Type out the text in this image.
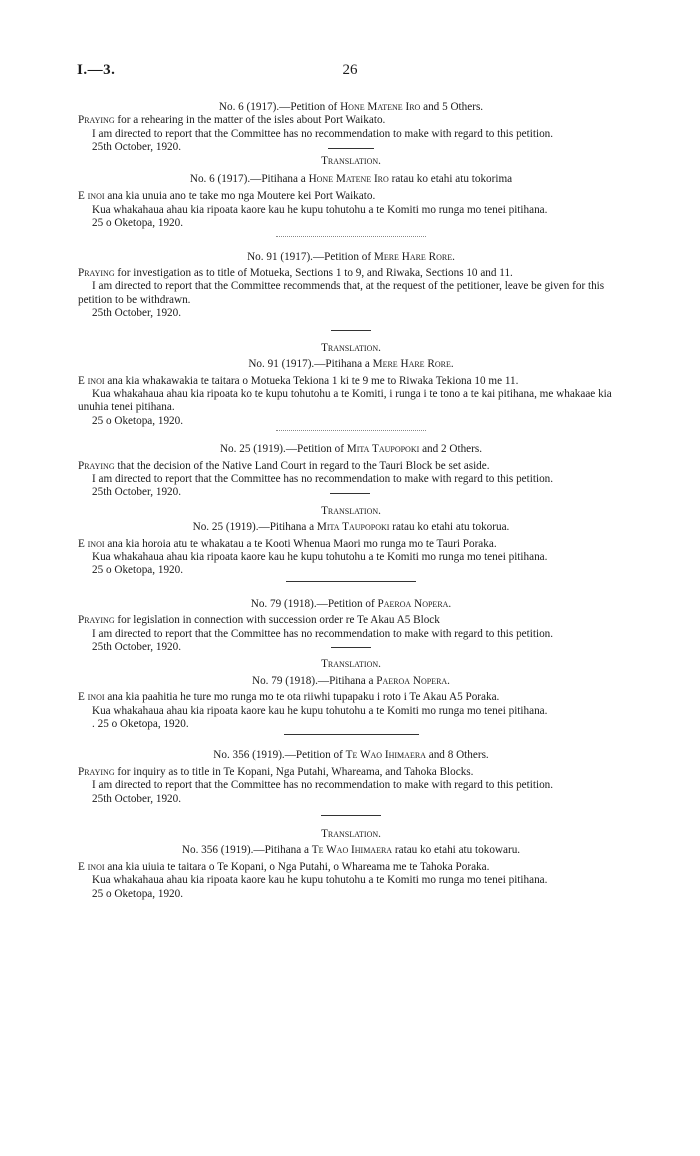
I.—3.	26
No. 6 (1917).—Petition of Hone Matene Iro and 5 Others.

Praying for a rehearing in the matter of the isles about Port Waikato.

I am directed to report that the Committee has no recommendation to make with regard to this petition.

25th October, 1920.

Translation.
No. 6 (1917).—Pitihana a Hone Matene Iro ratau ko etahi atu tokorima

E inoi ana kia unuia ano te take mo nga Moutere kei Port Waikato.

Kua whakahaua ahau kia ripoata kaore kau he kupu tohutohu a te Komiti mo runga mo tenei pitihana.

25 o Oketopa, 1920.

No. 91 (1917).—Petition of Mere Hare Rore.

Praying for investigation as to title of Motueka, Sections 1 to 9, and Riwaka, Sections 10 and 11.

I am directed to report that the Committee recommends that, at the request of the petitioner, leave be given for this petition to be withdrawn.

25th October, 1920.

Translation.
No. 91 (1917).—Pitihana a Mere Hare Rore.

E inoi ana kia whakawakia te taitara o Motueka Tekiona 1 ki te 9 me to Riwaka Tekiona 10 me 11.

Kua whakahaua ahau kia ripoata ko te kupu tohutohu a te Komiti, i runga i te tono a te kai pitihana, me whakaae kia unuhia tenei pitihana.

25 o Oketopa, 1920.

No. 25 (1919).—Petition of Mita Taupopoki and 2 Others.

Praying that the decision of the Native Land Court in regard to the Tauri Block be set aside.

I am directed to report that the Committee has no recommendation to make with regard to this petition.

25th October, 1920.

Translation.
No. 25 (1919).—Pitihana a Mita Taupopoki ratau ko etahi atu tokorua.

E inoi ana kia horoia atu te whakatau a te Kooti Whenua Maori mo runga mo te Tauri Poraka.

Kua whakahaua ahau kia ripoata kaore kau he kupu tohutohu a te Komiti mo runga mo tenei pitihana.

25 o Oketopa, 1920.

No. 79 (1918).—Petition of Paeroa Nopera.

Praying for legislation in connection with succession order re Te Akau A5 Block

I am directed to report that the Committee has no recommendation to make with regard to this petition.

25th October, 1920.

Translation.
No. 79 (1918).—Pitihana a Paeroa Nopera.

E inoi ana kia paahitia he ture mo runga mo te ota riiwhi tupapaku i roto i Te Akau A5 Poraka.

Kua whakahaua ahau kia ripoata kaore kau he kupu tohutohu a te Komiti mo runga mo tenei pitihana.

. 25 o Oketopa, 1920.

No. 356 (1919).—Petition of Te Wao Ihimaera and 8 Others.

Praying for inquiry as to title in Te Kopani, Nga Putahi, Whareama, and Tahoka Blocks.

I am directed to report that the Committee has no recommendation to make with regard to this petition.

25th October, 1920.

Translation.
No. 356 (1919).—Pitihana a Te Wao Ihimaera ratau ko etahi atu tokowaru.

E inoi ana kia uiuia te taitara o Te Kopani, o Nga Putahi, o Whareama me te Tahoka Poraka.

Kua whakahaua ahau kia ripoata kaore kau he kupu tohutohu a te Komiti mo runga mo tenei pitihana.

25 o Oketopa, 1920.
